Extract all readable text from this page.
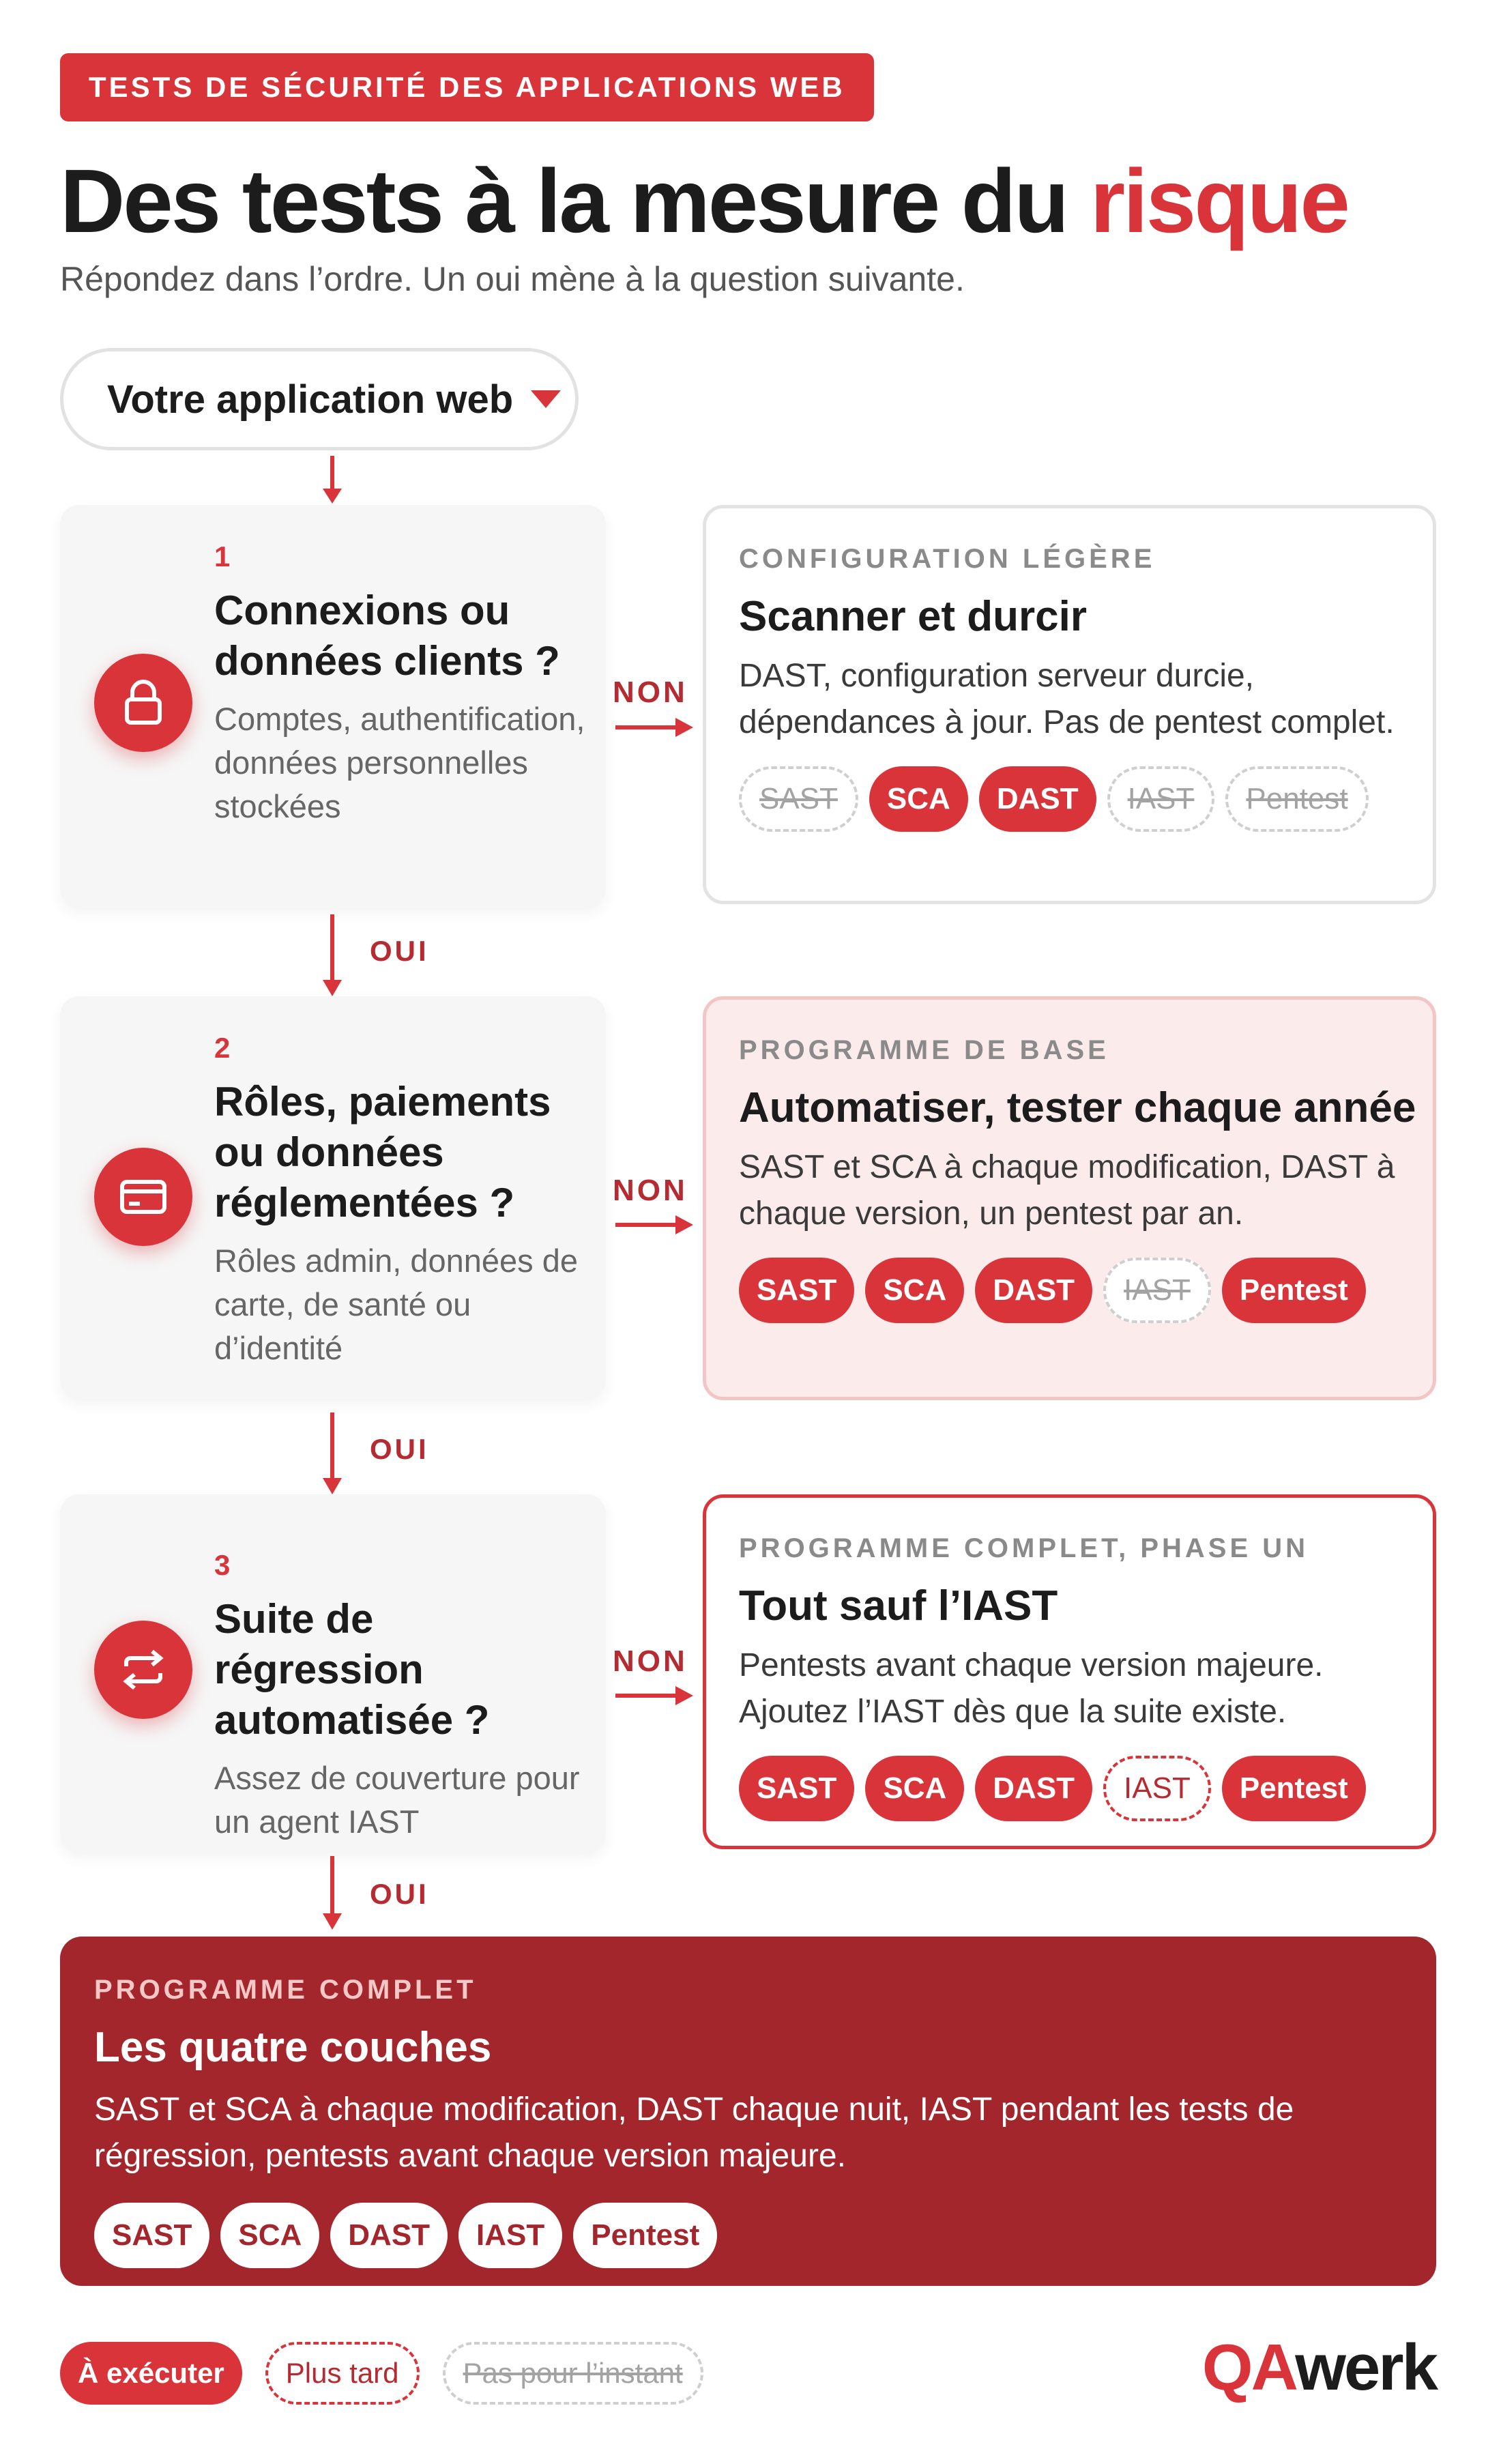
TESTS DE SÉCURITÉ DES APPLICATIONS WEB
Des tests à la mesure du risque
Répondez dans l’ordre. Un oui mène à la question suivante.
Votre application web
1
Connexions ou données clients ?
Comptes, authentification, données personnelles stockées
NON
CONFIGURATION LÉGÈRE
Scanner et durcir
DAST, configuration serveur durcie, dépendances à jour. Pas de pentest complet.
SAST	SCA	DAST	IAST	Pentest
OUI
2
Rôles, paiements ou données réglementées ?
Rôles admin, données de carte, de santé ou d’identité
NON
PROGRAMME DE BASE
Automatiser, tester chaque année
SAST et SCA à chaque modification, DAST à chaque version, un pentest par an.
SAST	SCA	DAST	IAST	Pentest
OUI
3
Suite de régression automatisée ?
Assez de couverture pour un agent IAST
NON
PROGRAMME COMPLET, PHASE UN
Tout sauf l’IAST
Pentests avant chaque version majeure. Ajoutez l’IAST dès que la suite existe.
SAST	SCA	DAST	IAST	Pentest
OUI
PROGRAMME COMPLET
Les quatre couches
SAST et SCA à chaque modification, DAST chaque nuit, IAST pendant les tests de régression, pentests avant chaque version majeure.
SAST	SCA	DAST	IAST	Pentest
À exécuter	Plus tard	Pas pour l’instant	QAwerk
